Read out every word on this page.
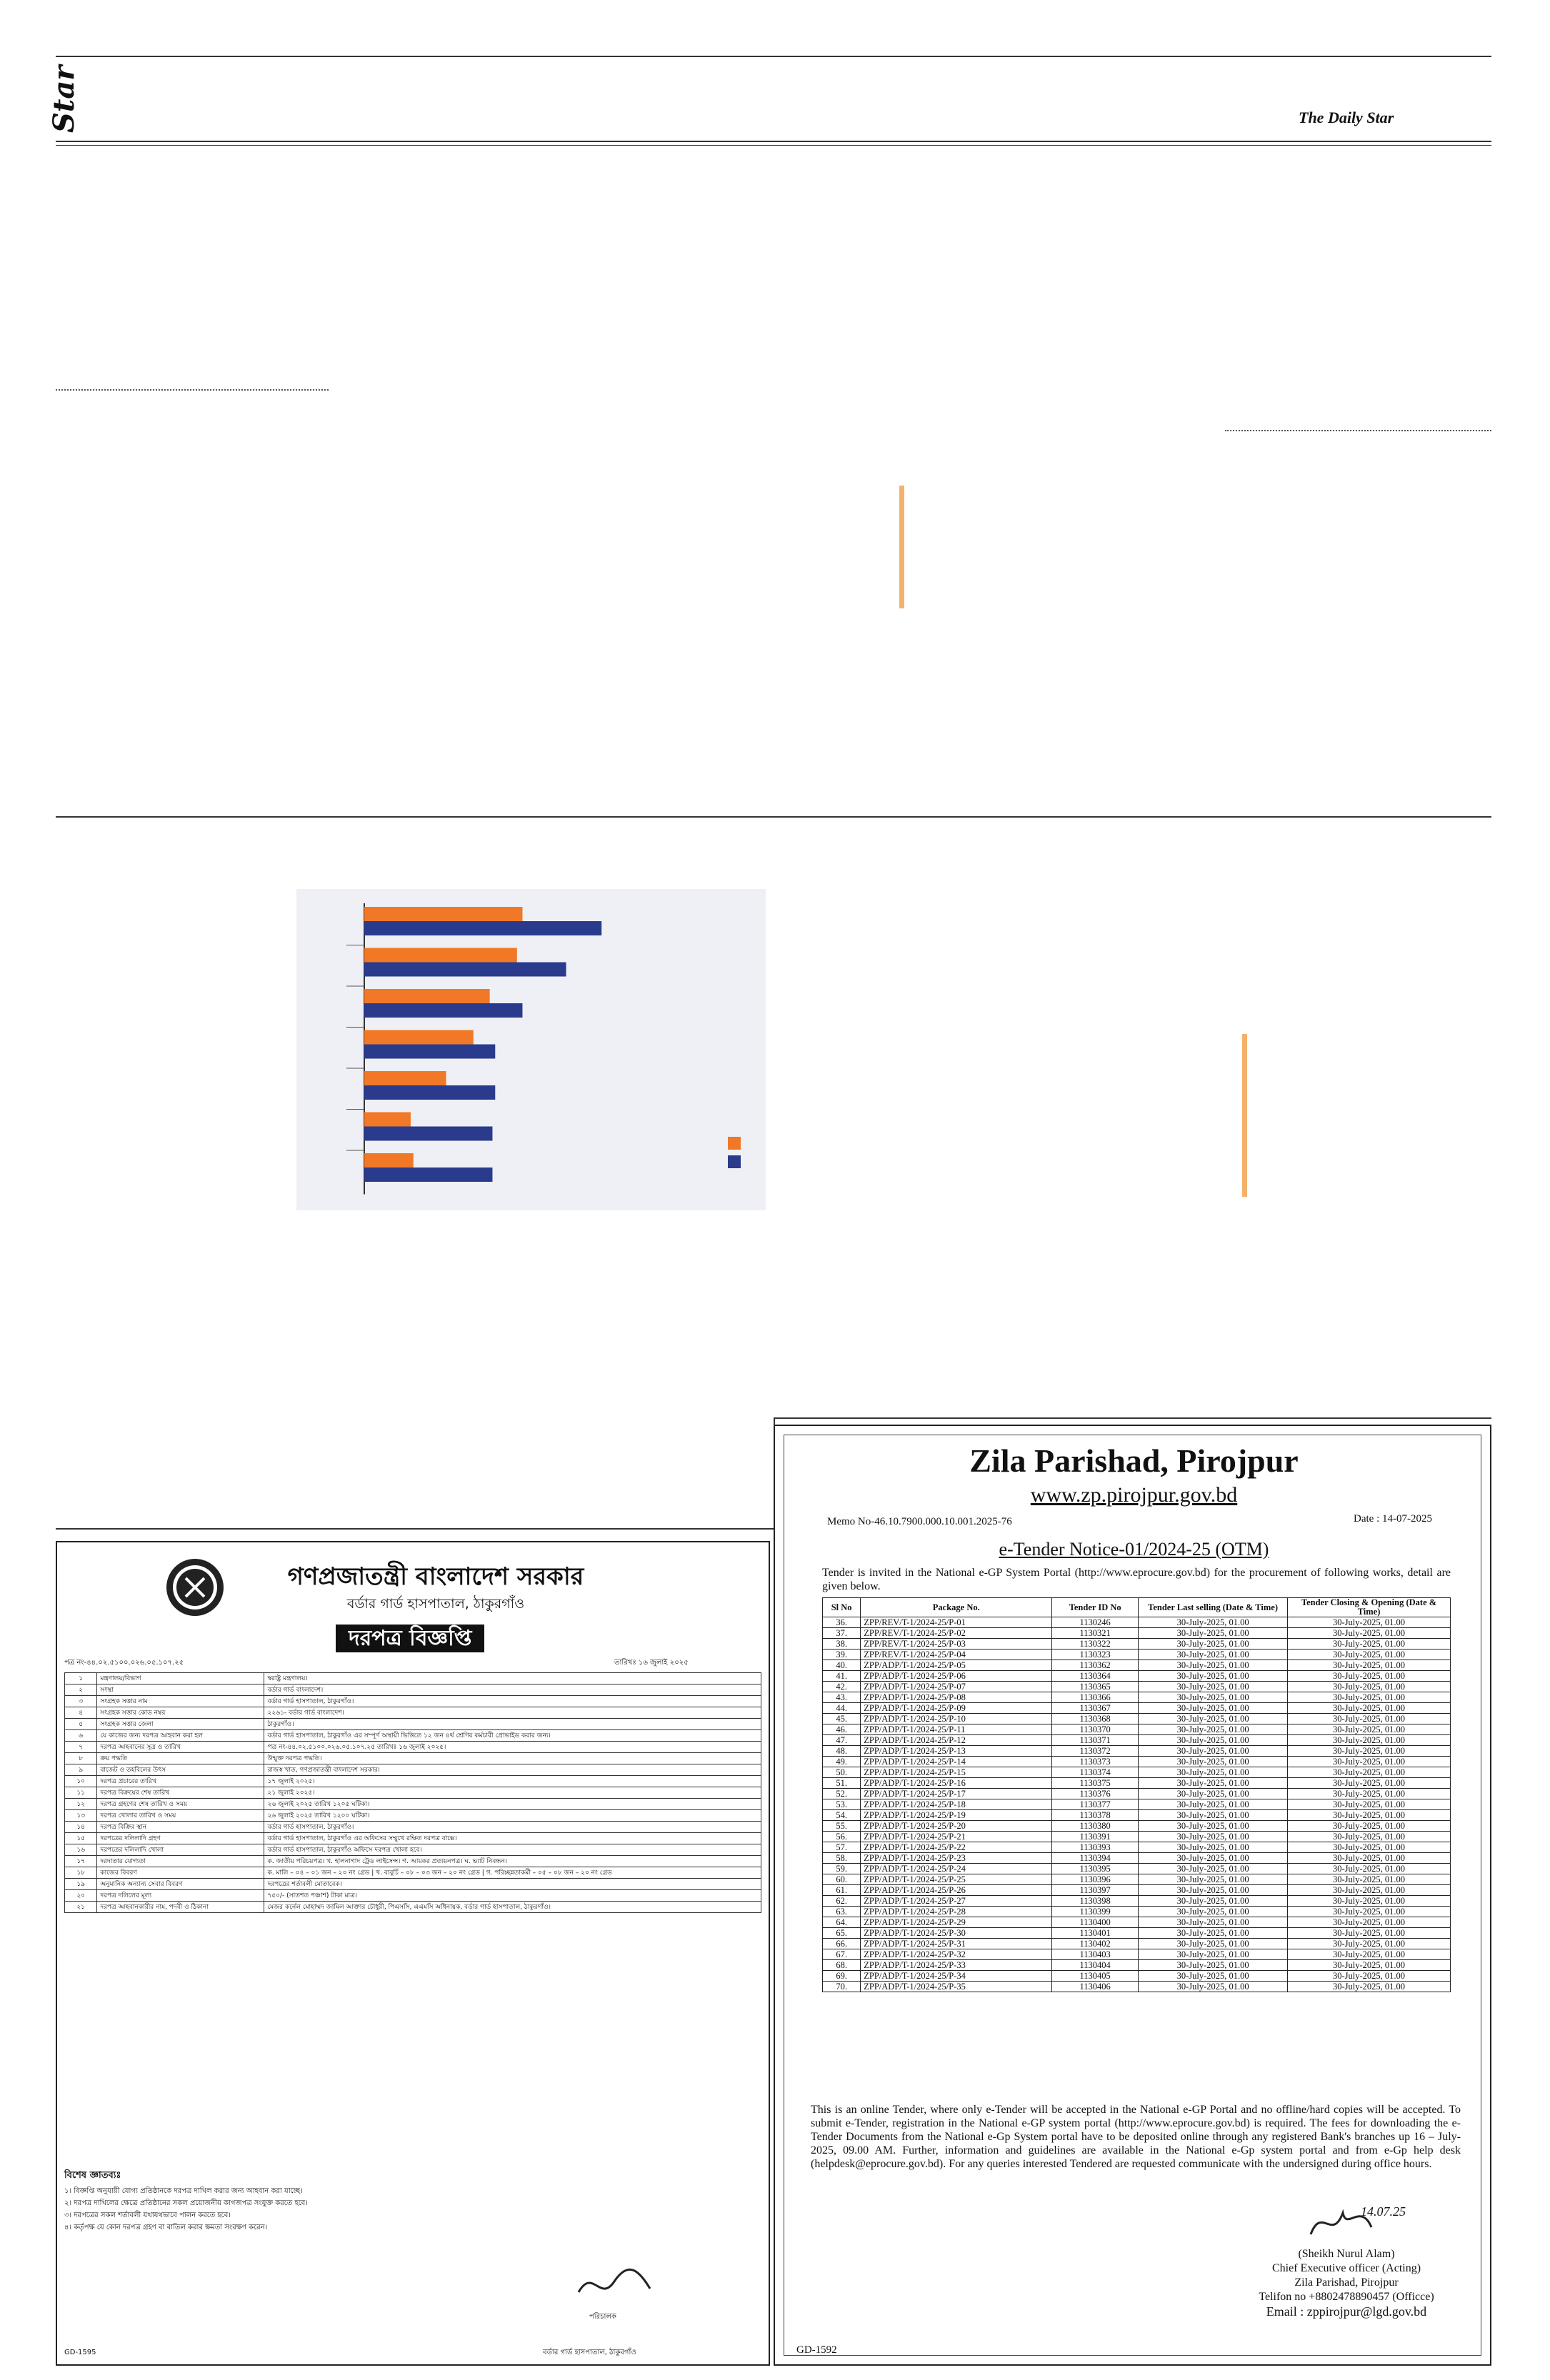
Star	The Daily Star
গণপ্রজাতন্ত্রী বাংলাদেশ সরকার
বর্ডার গার্ড হাসপাতাল, ঠাকুরগাঁও
দরপত্র বিজ্ঞপ্তি
পত্র নং-৪৪.০২.৫১০০.০২৬.০৫.১০৭.২৫	তারিখঃ ১৬ জুলাই ২০২৫
১	মন্ত্রণালয়/বিভাগ	স্বরাষ্ট্র মন্ত্রণালয়।
২	সংস্থা	বর্ডার গার্ড বাংলাদেশ।
৩	সংগ্রহক সত্তার নাম	বর্ডার গার্ড হাসপাতাল, ঠাকুরগাঁও।
৪	সংগ্রহক সত্তার কোড নম্বর	২২৬১- বর্ডার গার্ড বাংলাদেশ।
৫	সংগ্রহক সত্তার জেলা	ঠাকুরগাঁও।
৬	যে কাজের জন্য দরপত্র আহবান করা হল	বর্ডার গার্ড হাসপাতাল, ঠাকুরগাঁও এর সম্পূর্ণ অস্থায়ী ভিত্তিতে ১২ জন ৪র্থ শ্রেণির কর্মচারী প্রোভাইড করার জন্য।
৭	দরপত্র আহবানের সূত্র ও তারিখ	পত্র নং-৪৪.০২.৫১০০.০২৬.০৫.১০৭.২৫ তারিখঃ ১৬ জুলাই ২০২৫।
৮	ক্রয় পদ্ধতি	উন্মুক্ত দরপত্র পদ্ধতি।
৯	বাজেট ও তহবিলের উৎস	রাজস্ব খাত, গণপ্রজাতন্ত্রী বাংলাদেশ সরকার।
১০	দরপত্র প্রচারের তারিখ	১৭ জুলাই ২০২৫।
১১	দরপত্র বিক্রয়ের শেষ তারিখ	২১ জুলাই ২০২৫।
১২	দরপত্র গ্রহণের শেষ তারিখ ও সময়	২৬ জুলাই ২০২৫ তারিখ ১২০৫ ঘটিকা।
১৩	দরপত্র খোলার তারিখ ও সময়	২৬ জুলাই ২০২৫ তারিখ ১২০০ ঘটিকা।
১৪	দরপত্র বিক্রির স্থান	বর্ডার গার্ড হাসপাতাল, ঠাকুরগাঁও।
১৫	দরপত্রের দলিলাদি গ্রহণ	বর্ডার গার্ড হাসপাতাল, ঠাকুরগাঁও এর অফিসের সম্মুখে রক্ষিত দরপত্র বাক্সে।
১৬	দরপত্রের দলিলাদি খোলা	বর্ডার গার্ড হাসপাতাল, ঠাকুরগাঁও অফিসে দরপত্র খোলা হবে।
১৭	দরদাতার যোগ্যতা	ক. জাতীয় পরিচয়পত্র। খ. হালনাগাদ ট্রেড লাইসেন্স। গ. আয়কর প্রত্যয়নপত্র। ঘ. ভ্যাট নিবন্ধন।
১৮	কাজের বিবরণ	ক. মালি – ০৪ – ০১ জন – ২০ নং গ্রেড | খ. বাবুর্চি – ০৮ – ০৩ জন – ২০ নং গ্রেড | গ. পরিচ্ছন্নতাকর্মী – ০৫ – ০৮ জন – ২০ নং গ্রেড
১৯	অনুমানিক অন্যান্য সেবার বিবরণ	দরপত্রের শর্তাবলী মোতাবেক।
২০	দরপত্র দলিলের মূল্য	৭৫০/- (সাতশত পঞ্চাশ) টাকা মাত্র।
২১	দরপত্র আহবানকারীর নাম, পদবী ও ঠিকানা	মেজর কর্নেল মোহাম্মদ জামিল আক্তার চৌধুরী, পিএসসি, এএমসি অধিনায়ক, বর্ডার গার্ড হাসপাতাল, ঠাকুরগাঁও।
বিশেষ জ্ঞাতব্যঃ
১। বিজ্ঞপ্তি অনুযায়ী যোগ্য প্রতিষ্ঠানকে দরপত্র দাখিল করার জন্য আহবান করা যাচ্ছে।
২। দরপত্র দাখিলের ক্ষেত্রে প্রতিষ্ঠানের সকল প্রয়োজনীয় কাগজপত্র সংযুক্ত করতে হবে।
৩। দরপত্রের সকল শর্তাবলী যথাযথভাবে পালন করতে হবে।
৪। কর্তৃপক্ষ যে কোন দরপত্র গ্রহণ বা বাতিল করার ক্ষমতা সংরক্ষণ করেন।
পরিচালক
বর্ডার গার্ড হাসপাতাল, ঠাকুরগাঁও
GD-1595
Zila Parishad, Pirojpur
www.zp.pirojpur.gov.bd
Memo No-46.10.7900.000.10.001.2025-76	Date : 14-07-2025
e-Tender Notice-01/2024-25 (OTM)
Tender is invited in the National e-GP System Portal (http://www.eprocure.gov.bd) for the procurement of following works, detail are given below.
Sl No	Package No.	Tender ID No	Tender Last selling (Date & Time)	Tender Closing & Opening (Date & Time)
36.	ZPP/REV/T-1/2024-25/P-01	1130246	30-July-2025, 01.00	30-July-2025, 01.00
37.	ZPP/REV/T-1/2024-25/P-02	1130321	30-July-2025, 01.00	30-July-2025, 01.00
38.	ZPP/REV/T-1/2024-25/P-03	1130322	30-July-2025, 01.00	30-July-2025, 01.00
39.	ZPP/REV/T-1/2024-25/P-04	1130323	30-July-2025, 01.00	30-July-2025, 01.00
40.	ZPP/ADP/T-1/2024-25/P-05	1130362	30-July-2025, 01.00	30-July-2025, 01.00
41.	ZPP/ADP/T-1/2024-25/P-06	1130364	30-July-2025, 01.00	30-July-2025, 01.00
42.	ZPP/ADP/T-1/2024-25/P-07	1130365	30-July-2025, 01.00	30-July-2025, 01.00
43.	ZPP/ADP/T-1/2024-25/P-08	1130366	30-July-2025, 01.00	30-July-2025, 01.00
44.	ZPP/ADP/T-1/2024-25/P-09	1130367	30-July-2025, 01.00	30-July-2025, 01.00
45.	ZPP/ADP/T-1/2024-25/P-10	1130368	30-July-2025, 01.00	30-July-2025, 01.00
46.	ZPP/ADP/T-1/2024-25/P-11	1130370	30-July-2025, 01.00	30-July-2025, 01.00
47.	ZPP/ADP/T-1/2024-25/P-12	1130371	30-July-2025, 01.00	30-July-2025, 01.00
48.	ZPP/ADP/T-1/2024-25/P-13	1130372	30-July-2025, 01.00	30-July-2025, 01.00
49.	ZPP/ADP/T-1/2024-25/P-14	1130373	30-July-2025, 01.00	30-July-2025, 01.00
50.	ZPP/ADP/T-1/2024-25/P-15	1130374	30-July-2025, 01.00	30-July-2025, 01.00
51.	ZPP/ADP/T-1/2024-25/P-16	1130375	30-July-2025, 01.00	30-July-2025, 01.00
52.	ZPP/ADP/T-1/2024-25/P-17	1130376	30-July-2025, 01.00	30-July-2025, 01.00
53.	ZPP/ADP/T-1/2024-25/P-18	1130377	30-July-2025, 01.00	30-July-2025, 01.00
54.	ZPP/ADP/T-1/2024-25/P-19	1130378	30-July-2025, 01.00	30-July-2025, 01.00
55.	ZPP/ADP/T-1/2024-25/P-20	1130380	30-July-2025, 01.00	30-July-2025, 01.00
56.	ZPP/ADP/T-1/2024-25/P-21	1130391	30-July-2025, 01.00	30-July-2025, 01.00
57.	ZPP/ADP/T-1/2024-25/P-22	1130393	30-July-2025, 01.00	30-July-2025, 01.00
58.	ZPP/ADP/T-1/2024-25/P-23	1130394	30-July-2025, 01.00	30-July-2025, 01.00
59.	ZPP/ADP/T-1/2024-25/P-24	1130395	30-July-2025, 01.00	30-July-2025, 01.00
60.	ZPP/ADP/T-1/2024-25/P-25	1130396	30-July-2025, 01.00	30-July-2025, 01.00
61.	ZPP/ADP/T-1/2024-25/P-26	1130397	30-July-2025, 01.00	30-July-2025, 01.00
62.	ZPP/ADP/T-1/2024-25/P-27	1130398	30-July-2025, 01.00	30-July-2025, 01.00
63.	ZPP/ADP/T-1/2024-25/P-28	1130399	30-July-2025, 01.00	30-July-2025, 01.00
64.	ZPP/ADP/T-1/2024-25/P-29	1130400	30-July-2025, 01.00	30-July-2025, 01.00
65.	ZPP/ADP/T-1/2024-25/P-30	1130401	30-July-2025, 01.00	30-July-2025, 01.00
66.	ZPP/ADP/T-1/2024-25/P-31	1130402	30-July-2025, 01.00	30-July-2025, 01.00
67.	ZPP/ADP/T-1/2024-25/P-32	1130403	30-July-2025, 01.00	30-July-2025, 01.00
68.	ZPP/ADP/T-1/2024-25/P-33	1130404	30-July-2025, 01.00	30-July-2025, 01.00
69.	ZPP/ADP/T-1/2024-25/P-34	1130405	30-July-2025, 01.00	30-July-2025, 01.00
70.	ZPP/ADP/T-1/2024-25/P-35	1130406	30-July-2025, 01.00	30-July-2025, 01.00
This is an online Tender, where only e-Tender will be accepted in the National e-GP Portal and no offline/hard copies will be accepted. To submit e-Tender, registration in the National e-GP system portal (http://www.eprocure.gov.bd) is required. The fees for downloading the e-Tender Documents from the National e-Gp System portal have to be deposited online through any registered Bank's branches up 16 – July-2025, 09.00 AM. Further, information and guidelines are available in the National e-Gp system portal and from e-Gp help desk (helpdesk@eprocure.gov.bd). For any queries interested Tendered are requested communicate with the undersigned during office hours.
14.07.25
(Sheikh Nurul Alam)
Chief Executive officer (Acting)
Zila Parishad, Pirojpur
Telifon no +8802478890457 (Officce)
Email : zppirojpur@lgd.gov.bd
GD-1592
